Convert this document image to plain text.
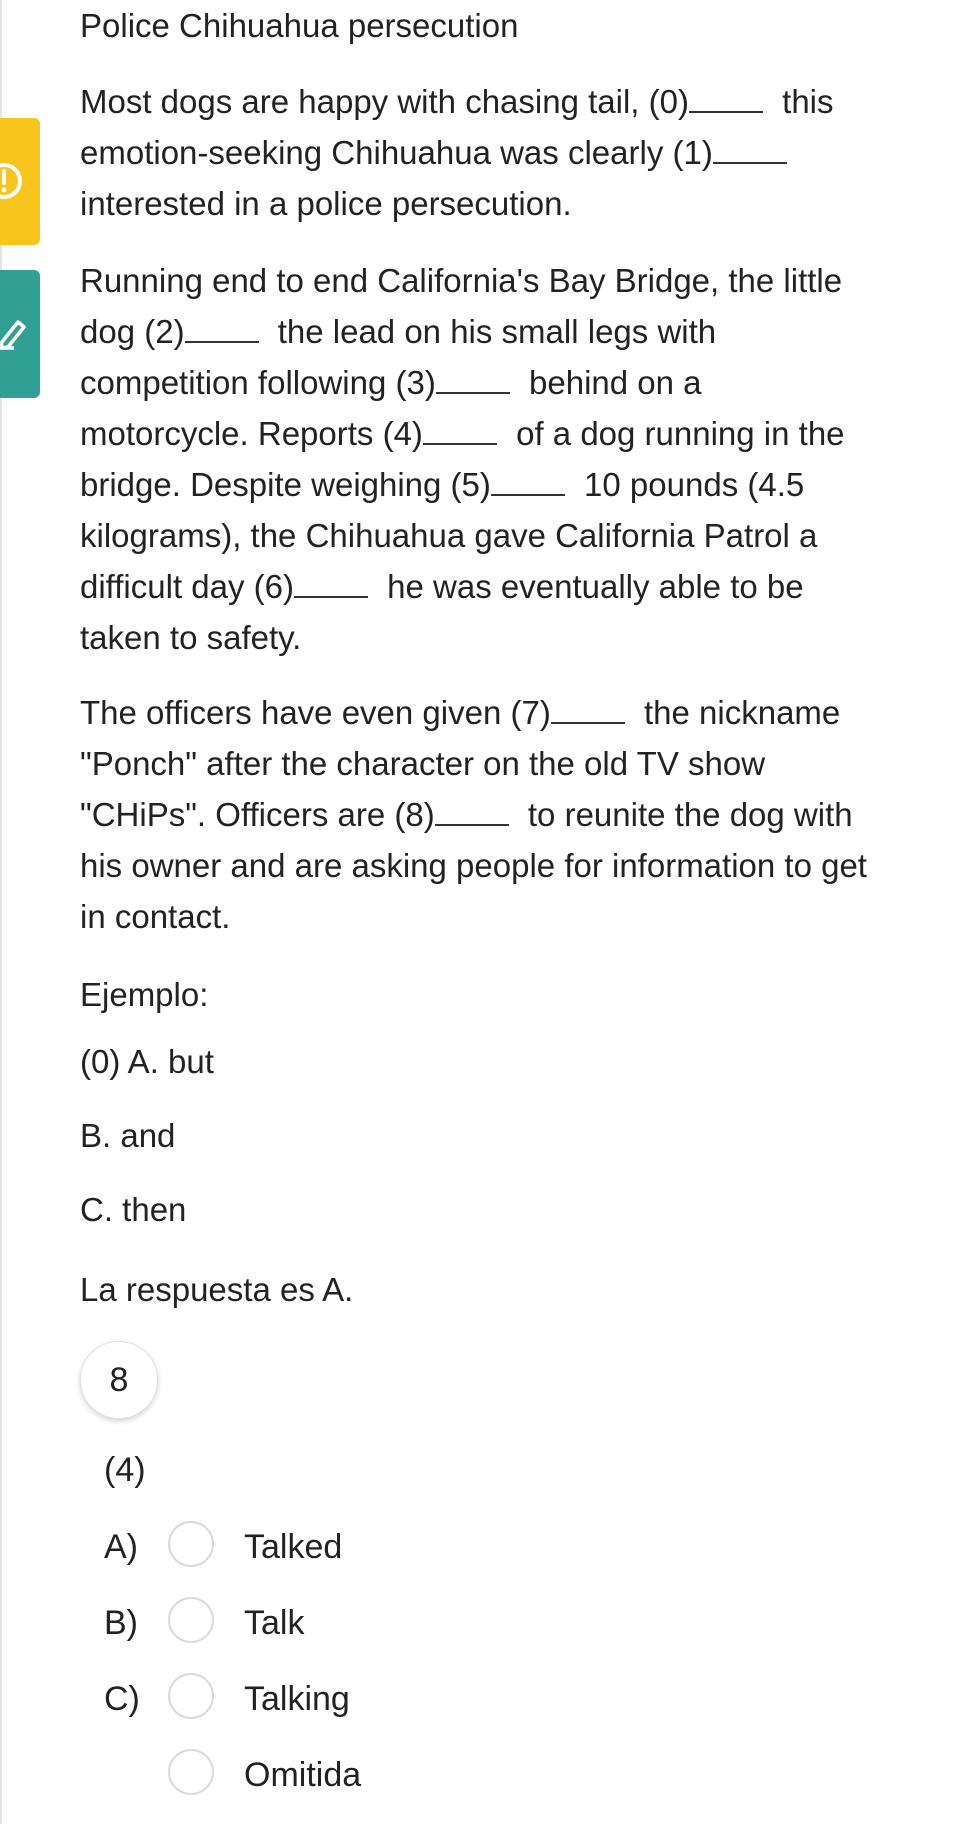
Police Chihuahua persecution
Most dogs are happy with chasing tail, (0)	this
emotion-seeking Chihuahua was clearly (1)
interested in a police persecution.
Running end to end California's Bay Bridge, the little
dog (2)	the lead on his small legs with
competition following (3)	behind on a
motorcycle. Reports (4)	of a dog running in the
bridge. Despite weighing (5)	10 pounds (4.5
kilograms), the Chihuahua gave California Patrol a
difficult day (6)	he was eventually able to be
taken to safety.
The officers have even given (7)	the nickname
"Ponch" after the character on the old TV show
"CHiPs". Officers are (8)	to reunite the dog with
his owner and are asking people for information to get
in contact.
Ejemplo:
(0) A. but
B. and
C. then
La respuesta es A.
8
(4)
A)	Talked
B)	Talk
C)	Talking
Omitida
